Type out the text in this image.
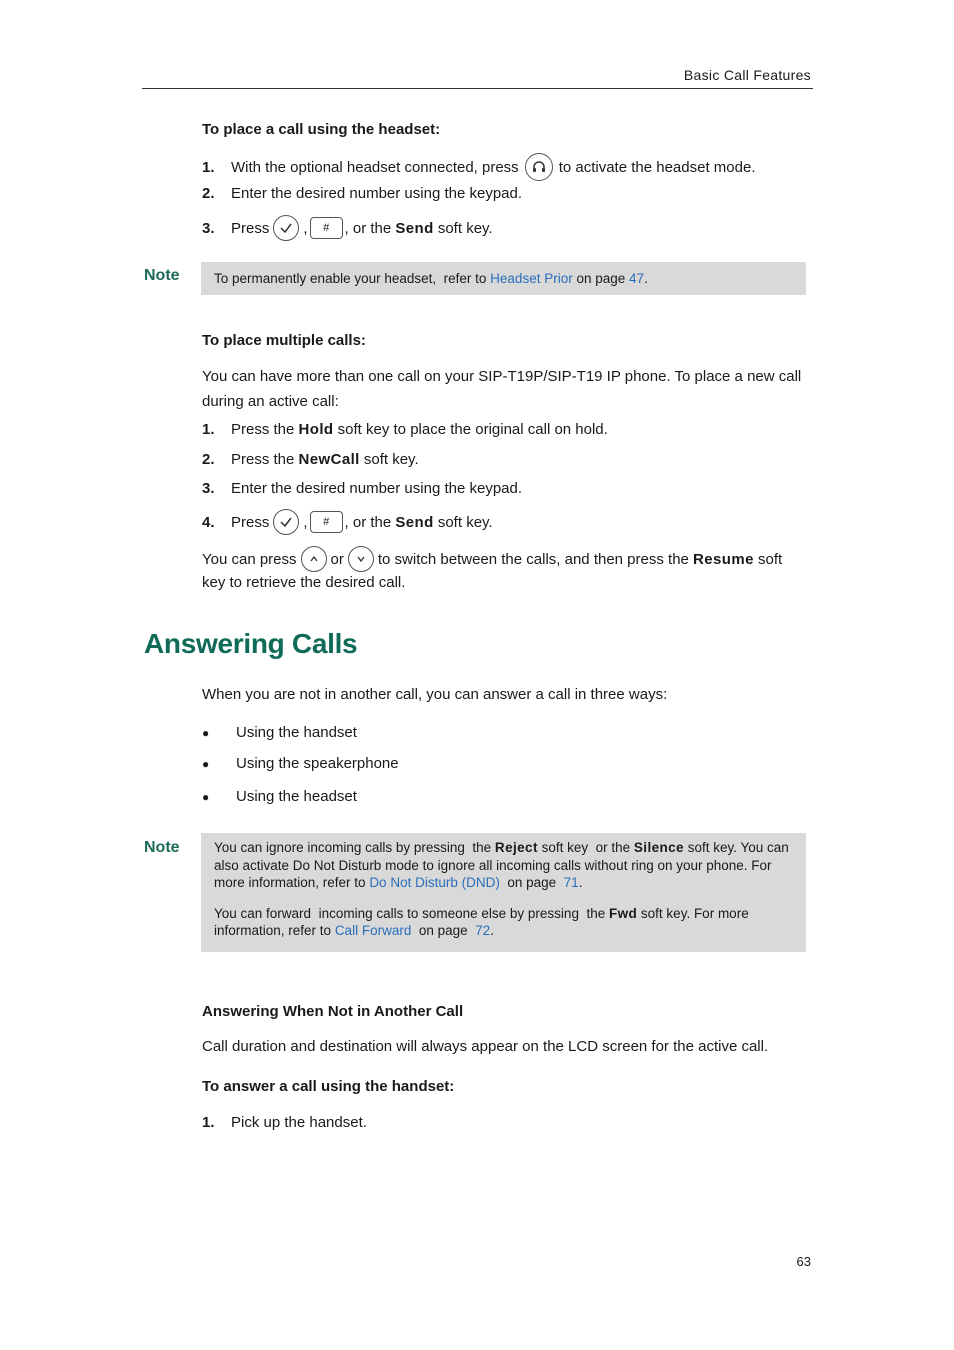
Basic Call Features
To place a call using the headset:
1.	With the optional headset connected, press	to activate the headset mode.
2.	Enter the desired number using the keypad.
3.	Press ,	#	, or the
Send
soft key.
Note	To permanently enable your headset,  refer to Headset Prior on page 47.
To place multiple calls:
You can have more than one call on your SIP-T19P/SIP-T19 IP phone. To place a new call during an active call:
1.	Press the
Hold
soft key to place the original call on hold.
2.	Press the
NewCall
soft key.
3.	Enter the desired number using the keypad.
4.	Press ,	#	, or the
Send
soft key.
You can press or to switch between the calls, and then press the
Resume
soft
key to retrieve the desired call.
Answering Calls
When you are not in another call, you can answer a call in three ways:
●	Using the handset
●	Using the speakerphone
●	Using the headset
Note	You can ignore incoming calls by pressing  the Reject soft key  or the Silence soft key. You can also activate Do Not Disturb mode to ignore all incoming calls without ring on your phone. For more information, refer to Do Not Disturb (DND)  on page  71.
You can forward  incoming calls to someone else by pressing  the Fwd soft key. For more information, refer to Call Forward  on page  72.
Answering When Not in Another Call
Call duration and destination will always appear on the LCD screen for the active call.
To answer a call using the handset:
1.	Pick up the handset.
63
